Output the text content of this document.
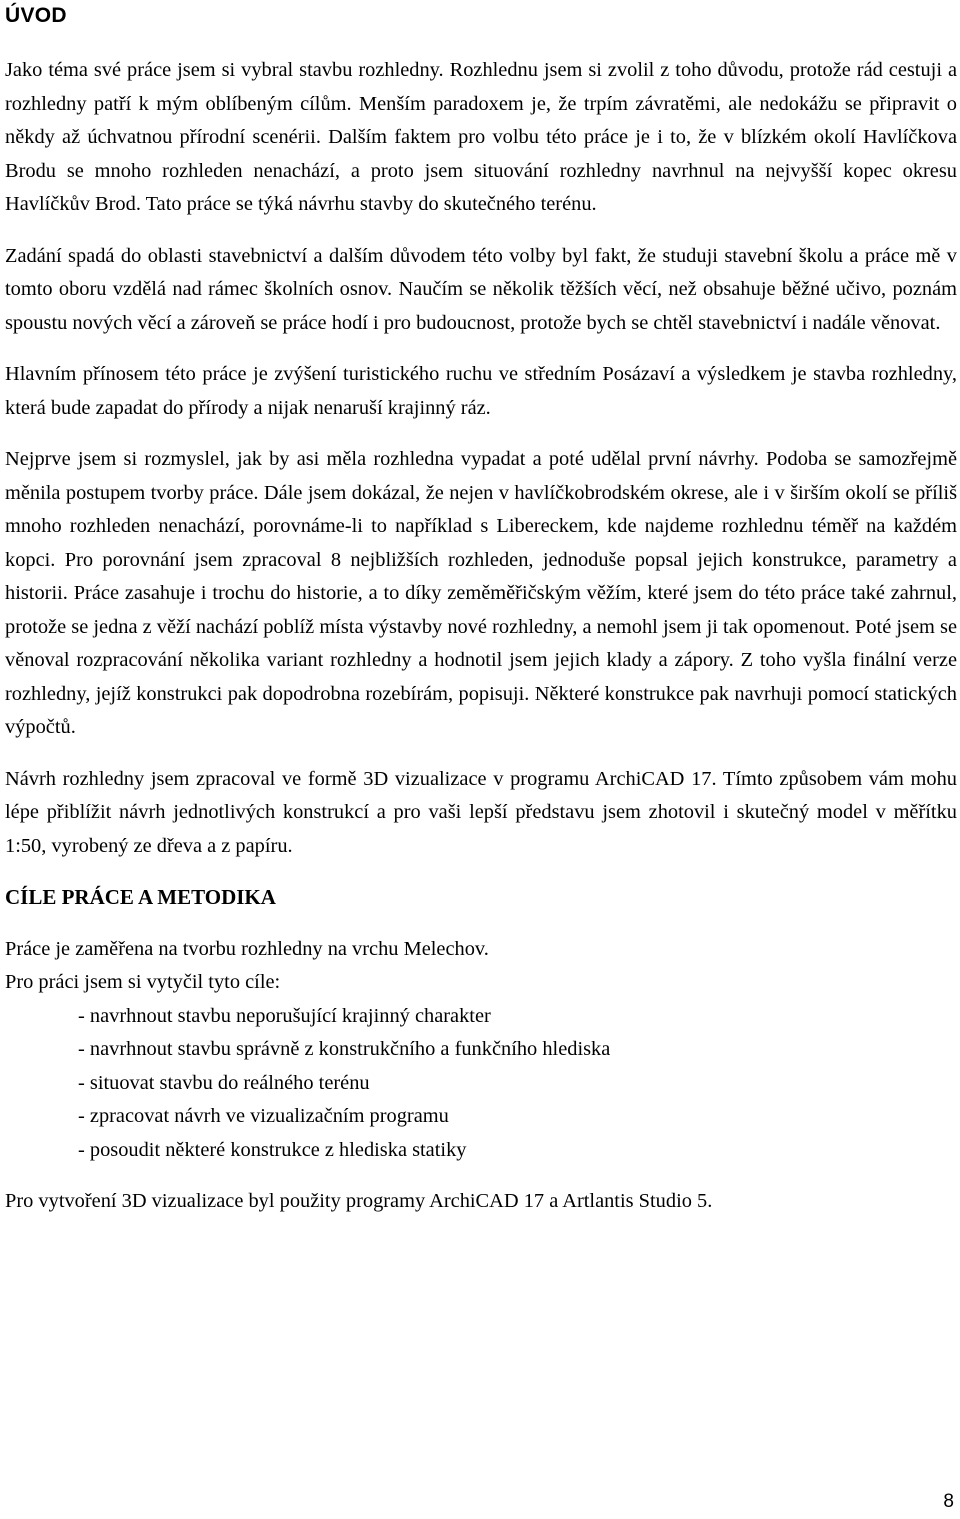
ÚVOD

Jako téma své práce jsem si vybral stavbu rozhledny. Rozhlednu jsem si zvolil z toho důvodu, protože rád cestuji a rozhledny patří k mým oblíbeným cílům. Menším paradoxem je, že trpím závratěmi, ale nedokážu se připravit o někdy až úchvatnou přírodní scenérii. Dalším faktem pro volbu této práce je i to, že v blízkém okolí Havlíčkova Brodu se mnoho rozhleden nenachází, a proto jsem situování rozhledny navrhnul na nejvyšší kopec okresu Havlíčkův Brod. Tato práce se týká návrhu stavby do skutečného terénu.

Zadání spadá do oblasti stavebnictví a dalším důvodem této volby byl fakt, že studuji stavební školu a práce mě v tomto oboru vzdělá nad rámec školních osnov. Naučím se několik těžších věcí, než obsahuje běžné učivo, poznám spoustu nových věcí a zároveň se práce hodí i pro budoucnost, protože bych se chtěl stavebnictví i nadále věnovat.

Hlavním přínosem této práce je zvýšení turistického ruchu ve středním Posázaví a výsledkem je stavba rozhledny, která bude zapadat do přírody a nijak nenaruší krajinný ráz.

Nejprve jsem si rozmyslel, jak by asi měla rozhledna vypadat a poté udělal první návrhy. Podoba se samozřejmě měnila postupem tvorby práce. Dále jsem dokázal, že nejen v havlíčkobrodském okrese, ale i v širším okolí se příliš mnoho rozhleden nenachází, porovnáme-li to například s Libereckem, kde najdeme rozhlednu téměř na každém kopci. Pro porovnání jsem zpracoval 8 nejbližších rozhleden, jednoduše popsal jejich konstrukce, parametry a historii. Práce zasahuje i trochu do historie, a to díky zeměměřičským věžím, které jsem do této práce také zahrnul, protože se jedna z věží nachází poblíž místa výstavby nové rozhledny, a nemohl jsem ji tak opomenout. Poté jsem se věnoval rozpracování několika variant rozhledny a hodnotil jsem jejich klady a zápory. Z toho vyšla finální verze rozhledny, jejíž konstrukci pak dopodrobna rozebírám, popisuji. Některé konstrukce pak navrhuji pomocí statických výpočtů.

Návrh rozhledny jsem zpracoval ve formě 3D vizualizace v programu ArchiCAD 17. Tímto způsobem vám mohu lépe přiblížit návrh jednotlivých konstrukcí a pro vaši lepší představu jsem zhotovil i skutečný model v měřítku 1:50, vyrobený ze dřeva a z papíru.

CÍLE PRÁCE A METODIKA

Práce je zaměřena na tvorbu rozhledny na vrchu Melechov.

Pro práci jsem si vytyčil tyto cíle:

- navrhnout stavbu neporušující krajinný charakter
- navrhnout stavbu správně z konstrukčního a funkčního hlediska
- situovat stavbu do reálného terénu
- zpracovat návrh ve vizualizačním programu
- posoudit některé konstrukce z hlediska statiky

Pro vytvoření 3D vizualizace byl použity programy ArchiCAD 17 a Artlantis Studio 5.

8
